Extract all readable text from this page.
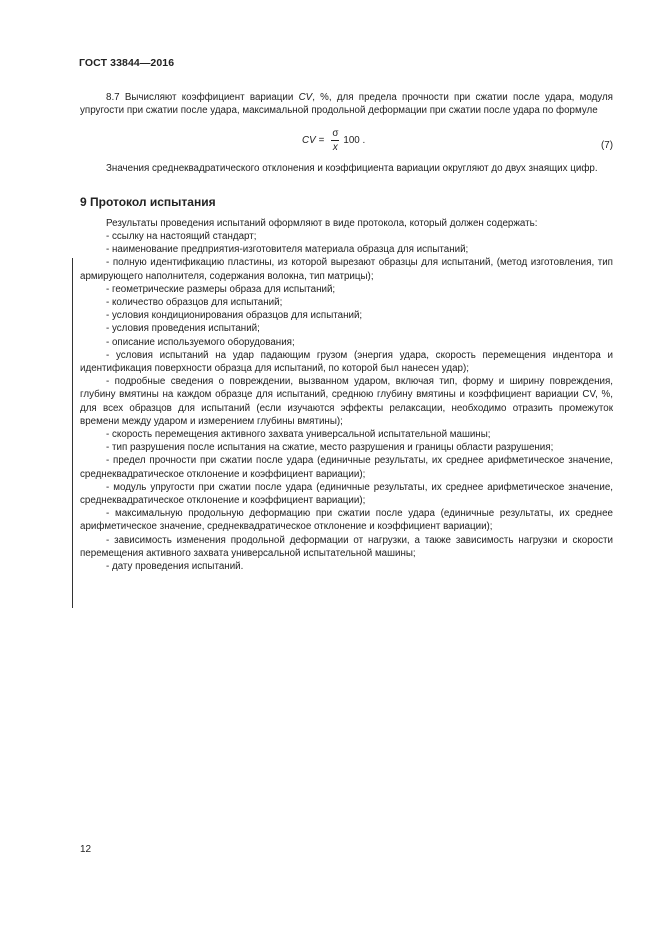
ГОСТ 33844—2016

8.7 Вычисляют коэффициент вариации CV, %, для предела прочности при сжатии после удара, модуля упругости при сжатии после удара, максимальной продольной деформации при сжатии после удара по формуле

CV = $\frac{\sigma}{x} 100$ .	(7)

Значения среднеквадратического отклонения и коэффициента вариации округляют до двух знаящих цифр.

9 Протокол испытания

Результаты проведения испытаний оформляют в виде протокола, который должен содержать:

- ссылку на настоящий стандарт;
- наименование предприятия-изготовителя материала образца для испытаний;
- полную идентификацию пластины, из которой вырезают образцы для испытаний, (метод изготовления, тип армирующего наполнителя, содержания волокна, тип матрицы);
- геометрические размеры образа для испытаний;
- количество образцов для испытаний;
- условия кондиционирования образцов для испытаний;
- условия проведения испытаний;
- описание используемого оборудования;
- условия испытаний на удар падающим грузом (энергия удара, скорость перемещения индентора и идентификация поверхности образца для испытаний, по которой был нанесен удар);
- подробные сведения о повреждении, вызванном ударом, включая тип, форму и ширину повреждения, глубину вмятины на каждом образце для испытаний, среднюю глубину вмятины и коэффициент вариации CV, %, для всех образцов для испытаний (если изучаются эффекты релаксации, необходимо отразить промежуток времени между ударом и измерением глубины вмятины);
- скорость перемещения активного захвата универсальной испытательной машины;
- тип разрушения после испытания на сжатие, место разрушения и границы области разрушения;
- предел прочности при сжатии после удара (единичные результаты, их среднее арифметическое значение, среднеквадратическое отклонение и коэффициент вариации);
- модуль упругости при сжатии после удара (единичные результаты, их среднее арифметическое значение, среднеквадратическое отклонение и коэффициент вариации);
- максимальную продольную деформацию при сжатии после удара (единичные результаты, их среднее арифметическое значение, среднеквадратическое отклонение и коэффициент вариации);
- зависимость изменения продольной деформации от нагрузки, а также зависимость нагрузки и скорости перемещения активного захвата универсальной испытательной машины;
- дату проведения испытаний.
12
